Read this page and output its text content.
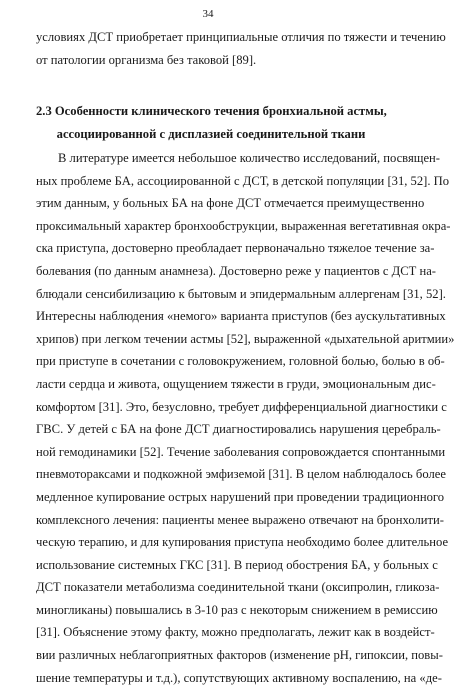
34
условиях ДСТ приобретает принципиальные отличия по тяжести и течению
от патологии организма без таковой [89].
2.3 Особенности клинического течения бронхиальной астмы,
ассоциированной с дисплазией соединительной ткани
В литературе имеется небольшое количество исследований, посвящен-
ных проблеме БА, ассоциированной с ДСТ, в детской популяции [31, 52]. По
этим данным, у больных БА на фоне ДСТ отмечается преимущественно
проксимальный характер бронхообструкции, выраженная вегетативная окра-
ска приступа, достоверно преобладает первоначально тяжелое течение за-
болевания (по данным анамнеза). Достоверно реже у пациентов с ДСТ на-
блюдали сенсибилизацию к бытовым и эпидермальным аллергенам [31, 52].
Интересны наблюдения «немого» варианта приступов (без аускультативных
хрипов) при легком течении астмы [52], выраженной «дыхательной аритмии»
при приступе в сочетании с головокружением, головной болью, болью в об-
ласти сердца и живота, ощущением тяжести в груди, эмоциональным дис-
комфортом [31]. Это, безусловно, требует дифференциальной диагностики с
ГВС. У детей с БА на фоне ДСТ диагностировались нарушения церебраль-
ной гемодинамики [52]. Течение заболевания сопровождается спонтанными
пневмотораксами и подкожной эмфиземой [31]. В целом наблюдалось более
медленное купирование острых нарушений при проведении традиционного
комплексного лечения: пациенты менее выражено отвечают на бронхолити-
ческую терапию, и для купирования приступа необходимо более длительное
использование системных ГКС [31]. В период обострения БА, у больных с
ДСТ показатели метаболизма соединительной ткани (оксипролин, гликоза-
миногликаны) повышались в 3-10 раз с некоторым снижением в ремиссию
[31]. Объяснение этому факту, можно предполагать, лежит как в воздейст-
вии различных неблагоприятных факторов (изменение рН, гипоксии, повы-
шение температуры и т.д.), сопутствующих активному воспалению, на «де-
